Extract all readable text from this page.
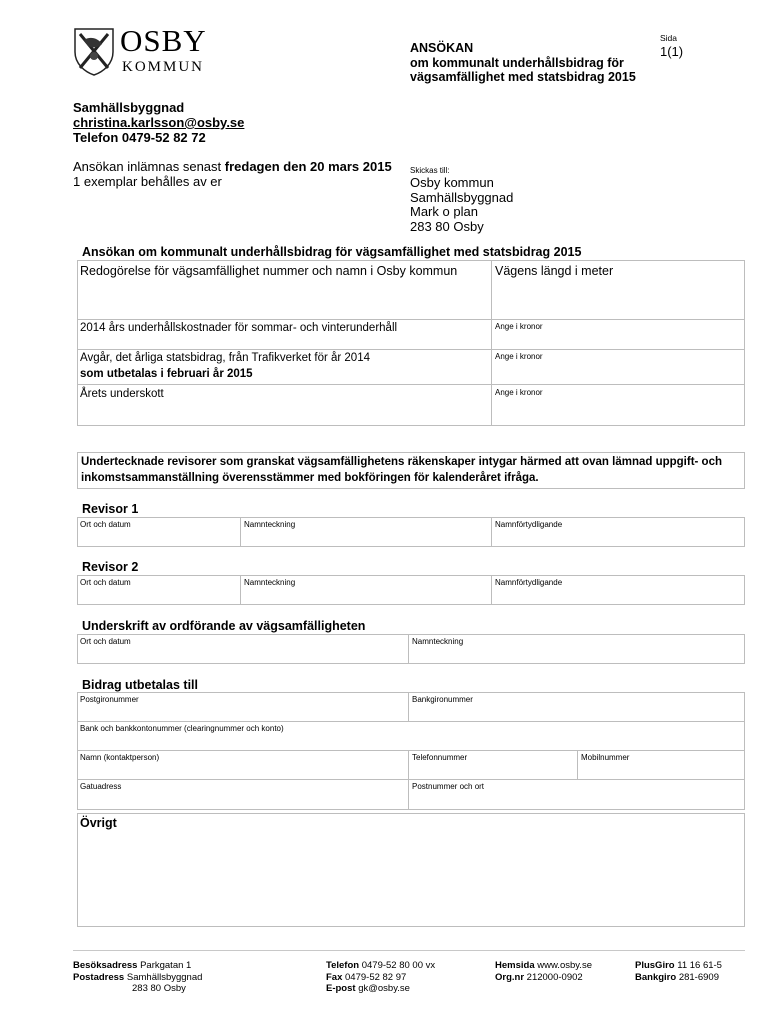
OSBY
KOMMUN
ANSÖKAN
om kommunalt underhållsbidrag för
vägsamfällighet med statsbidrag 2015
Sida
1(1)
Samhällsbyggnad
christina.karlsson@osby.se
Telefon 0479-52 82 72
Ansökan inlämnas senast fredagen den 20 mars 2015
1 exemplar behålles av er
Skickas till:
Osby kommun
Samhällsbyggnad
Mark o plan
283 80 Osby
Ansökan om kommunalt underhållsbidrag för vägsamfällighet med statsbidrag 2015
Redogörelse för vägsamfällighet nummer och namn i Osby kommun	Vägens längd i meter
2014 års underhållskostnader för sommar- och vinterunderhåll	Ange i kronor
Avgår, det årliga statsbidrag, från Trafikverket för år 2014
som utbetalas i februari år 2015
Ange i kronor
Årets underskott	Ange i kronor
Undertecknade revisorer som granskat vägsamfällighetens räkenskaper intygar härmed att ovan lämnad uppgift- och
inkomstsammanställning överensstämmer med bokföringen för kalenderåret ifråga.
Revisor 1
Ort och datum	Namnteckning	Namnförtydligande
Revisor 2
Ort och datum	Namnteckning	Namnförtydligande
Underskrift av ordförande av vägsamfälligheten
Ort och datum	Namnteckning
Bidrag utbetalas till
Postgironummer	Bankgironummer
Bank och bankkontonummer (clearingnummer och konto)
Namn (kontaktperson)	Telefonnummer	Mobilnummer
Gatuadress	Postnummer och ort
Övrigt
Besöksadress Parkgatan 1
Postadress Samhällsbyggnad
283 80 Osby
Telefon 0479-52 80 00 vx
Fax 0479-52 82 97
E-post gk@osby.se
Hemsida www.osby.se
Org.nr 212000-0902
PlusGiro 11 16 61-5
Bankgiro 281-6909
